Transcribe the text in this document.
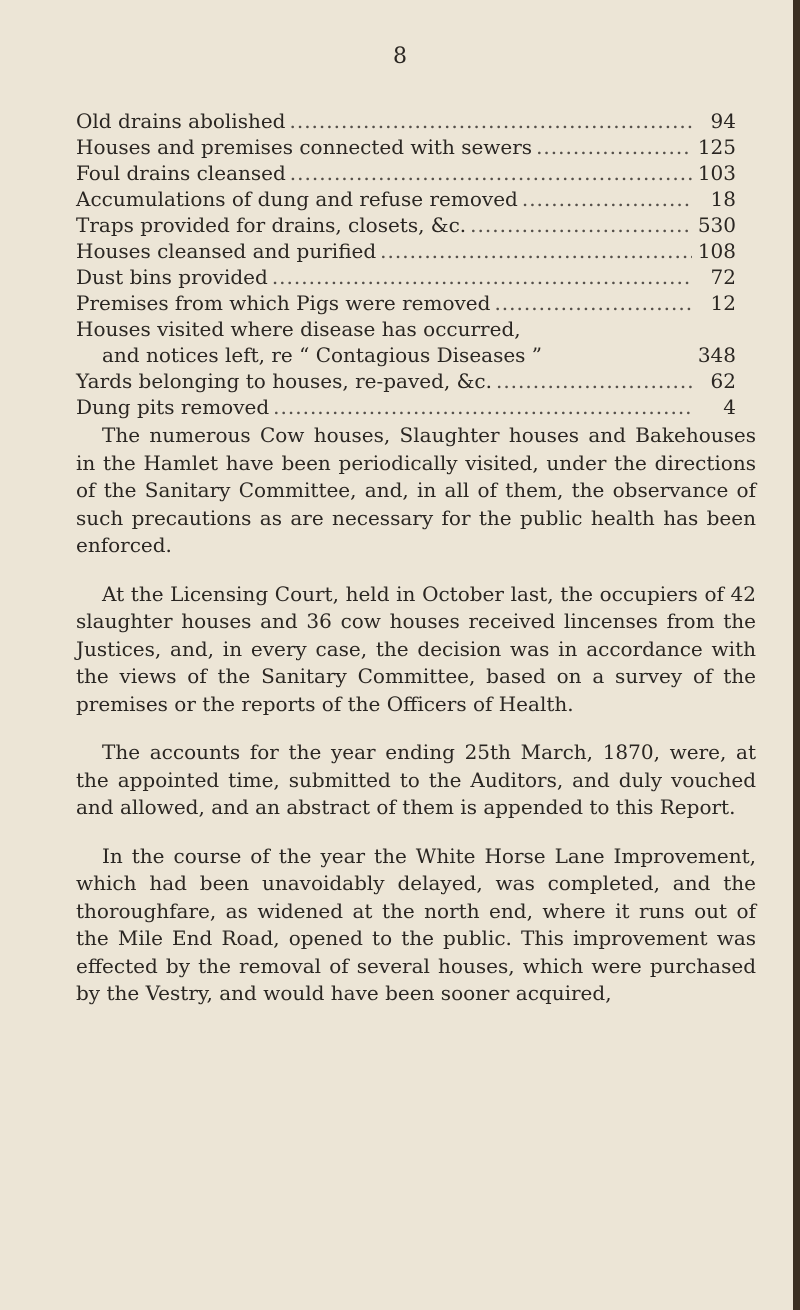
8
Old drains abolished .....	94
Houses and premises connected with sewers .....	125
Foul drains cleansed .....	103
Accumulations of dung and refuse removed .....	18
Traps provided for drains, closets, &c. .....	530
Houses cleansed and purified .....	108
Dust bins provided .....	72
Premises from which Pigs were removed .....	12
Houses visited where disease has occurred,
and notices left, re “ Contagious Diseases ”	348
Yards belonging to houses, re-paved, &c. .....	62
Dung pits removed .....	4

The numerous Cow houses, Slaughter houses and Bakehouses in the Hamlet have been periodically visited, under the directions of the Sanitary Committee, and, in all of them, the observance of such precautions as are necessary for the public health has been enforced.

At the Licensing Court, held in October last, the occupiers of 42 slaughter houses and 36 cow houses received lincenses from the Justices, and, in every case, the decision was in accordance with the views of the Sanitary Committee, based on a survey of the premises or the reports of the Officers of Health.

The accounts for the year ending 25th March, 1870, were, at the appointed time, submitted to the Auditors, and duly vouched and allowed, and an abstract of them is appended to this Report.

In the course of the year the White Horse Lane Improvement, which had been unavoidably delayed, was completed, and the thoroughfare, as widened at the north end, where it runs out of the Mile End Road, opened to the public. This improvement was effected by the removal of several houses, which were purchased by the Vestry, and would have been sooner acquired,
